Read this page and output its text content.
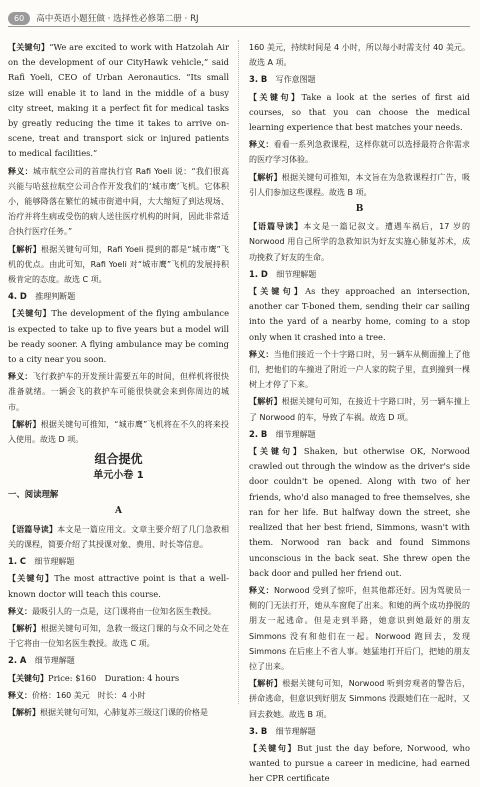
60	高中英语小题狂做 · 选择性必修第二册 · RJ

【关键句】“We are excited to work with Hatzolah Air on the development of our CityHawk vehicle,” said Rafi Yoeli, CEO of Urban Aeronautics. “Its small size will enable it to land in the middle of a busy city street, making it a perfect fit for medical tasks by greatly reducing the time it takes to arrive on-scene, treat and transport sick or injured patients to medical facilities.”

释义：城市航空公司的首席执行官 Rafi Yoeli 说：“我们很高兴能与哈兹拉航空公司合作开发我们的‘城市鹰’飞机。它体积小，能够降落在繁忙的城市街道中间，大大缩短了到达现场、治疗并将生病或受伤的病人送往医疗机构的时间，因此非常适合执行医疗任务。”

【解析】根据关键句可知，Rafi Yoeli 提到的都是“城市鹰”飞机的优点。由此可知，Rafi Yoeli 对“城市鹰”飞机的发展持积极肯定的态度。故选 C 项。

4. D　 推理判断题

【关键句】The development of the flying ambulance is expected to take up to five years but a model will be ready sooner. A flying ambulance may be coming to a city near you soon.

释义：飞行救护车的开发预计需要五年的时间，但样机将很快准备就绪。一辆会飞的救护车可能很快就会来到你周边的城市。

【解析】根据关键句可推知，“城市鹰”飞机将在不久的将来投入使用。故选 D 项。

组合提优
单元小卷 1
一、阅读理解
A

【语篇导读】本文是一篇应用文。文章主要介绍了几门急救相关的课程，简要介绍了其授课对象、费用、时长等信息。

1. C　 细节理解题

【关键句】The most attractive point is that a well-known doctor will teach this course.

释义：最吸引人的一点是，这门课将由一位知名医生教授。

【解析】根据关键句可知，急救一级这门课的与众不同之处在于它将由一位知名医生教授。故选 C 项。

2. A　 细节理解题

【关键句】Price: $160　Duration: 4 hours

释义：价格：160 美元　时长：4 小时

【解析】根据关键句可知，心肺复苏三级这门课的价格是

160 美元，持续时间是 4 小时，所以每小时需支付 40 美元。故选 A 项。

3. B　 写作意图题

【关键句】Take a look at the series of first aid courses, so that you can choose the medical learning experience that best matches your needs.

释义：看看一系列急救课程，这样你就可以选择最符合你需求的医疗学习体验。

【解析】根据关键句可推知，本文旨在为急救课程打广告，吸引人们参加这些课程。故选 B 项。

B

【语篇导读】本文是一篇记叙文。遭遇车祸后，17 岁的 Norwood 用自己所学的急救知识为好友实施心肺复苏术，成功挽救了好友的生命。

1. D　 细节理解题

【关键句】As they approached an intersection, another car T-boned them, sending their car sailing into the yard of a nearby home, coming to a stop only when it crashed into a tree.

释义：当他们接近一个十字路口时，另一辆车从侧面撞上了他们，把他们的车撞进了附近一户人家的院子里，直到撞到一棵树上才停了下来。

【解析】根据关键句可知，在接近十字路口时，另一辆车撞上了 Norwood 的车，导致了车祸。故选 D 项。

2. B　 细节理解题

【关键句】Shaken, but otherwise OK, Norwood crawled out through the window as the driver's side door couldn't be opened. Along with two of her friends, who'd also managed to free themselves, she ran for her life. But halfway down the street, she realized that her best friend, Simmons, wasn't with them. Norwood ran back and found Simmons unconscious in the back seat. She threw open the back door and pulled her friend out.

释义：Norwood 受到了惊吓，但其他都还好。因为驾驶员一侧的门无法打开，她从车窗爬了出来。和她的两个成功挣脱的朋友一起逃命。但是走到半路，她意识到她最好的朋友 Simmons 没有和他们在一起。Norwood 跑回去，发现 Simmons 在后座上不省人事。她猛地打开后门，把她的朋友拉了出来。

【解析】根据关键句可知，Norwood 听到旁观者的警告后，拼命逃命，但意识到好朋友 Simmons 没跟她们在一起时，又回去救她。故选 B 项。

3. B　 细节理解题

【关键句】But just the day before, Norwood, who wanted to pursue a career in medicine, had earned her CPR certificate
